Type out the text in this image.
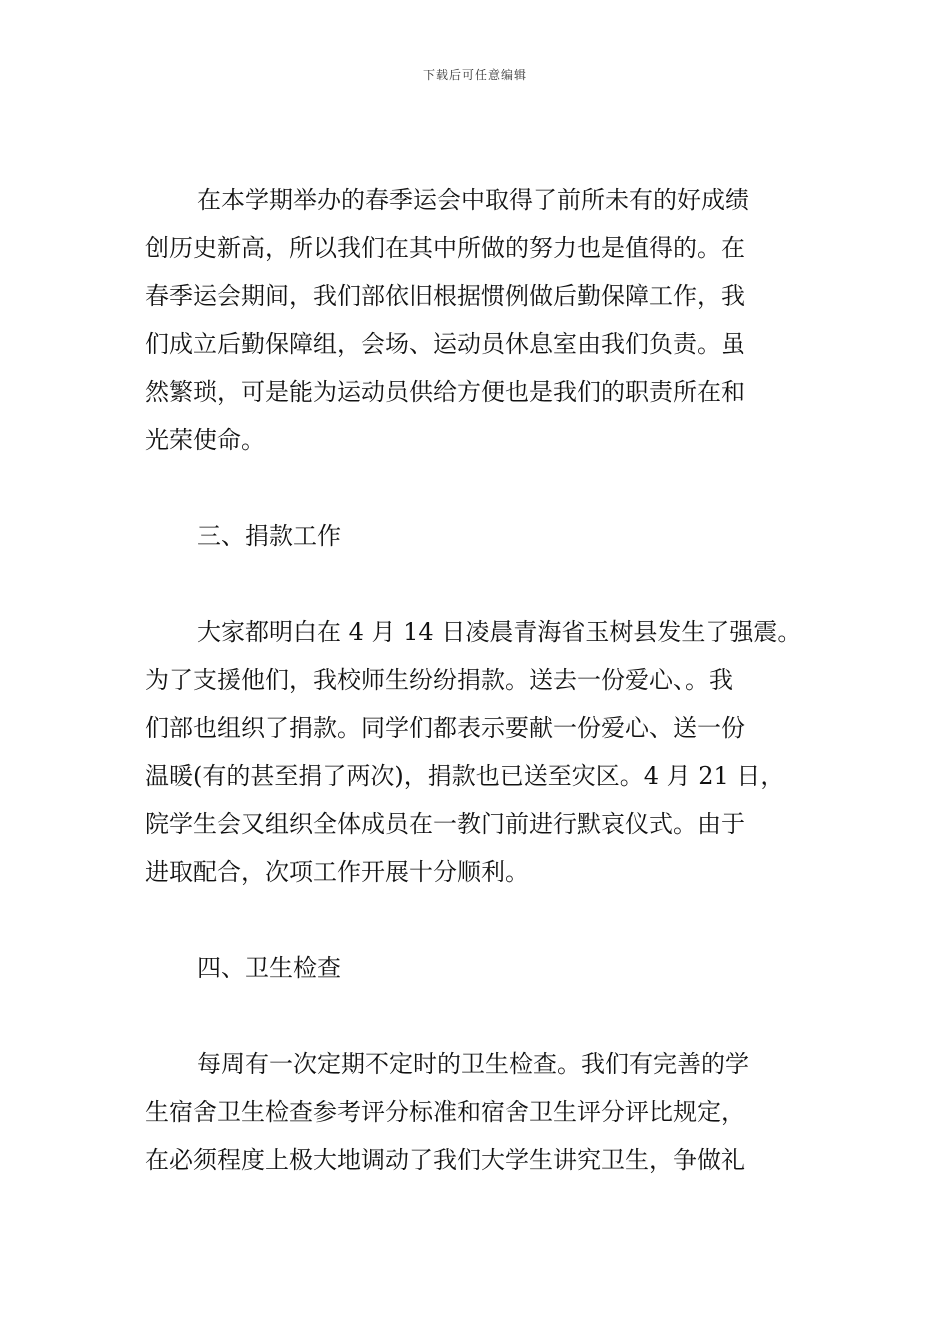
下载后可任意编辑
在本学期举办的春季运会中取得了前所未有的好成绩
创历史新高，所以我们在其中所做的努力也是值得的。在
春季运会期间，我们部依旧根据惯例做后勤保障工作，我
们成立后勤保障组，会场、运动员休息室由我们负责。虽
然繁琐，可是能为运动员供给方便也是我们的职责所在和
光荣使命。
三、捐款工作
大家都明白在 4 月 14 日凌晨青海省玉树县发生了强震。
为了支援他们，我校师生纷纷捐款。送去一份爱心、。我
们部也组织了捐款。同学们都表示要献一份爱心、送一份
温暖(有的甚至捐了两次)，捐款也已送至灾区。4 月 21 日，
院学生会又组织全体成员在一教门前进行默哀仪式。由于
进取配合，次项工作开展十分顺利。
四、卫生检查
每周有一次定期不定时的卫生检查。我们有完善的学
生宿舍卫生检查参考评分标准和宿舍卫生评分评比规定，
在必须程度上极大地调动了我们大学生讲究卫生，争做礼
